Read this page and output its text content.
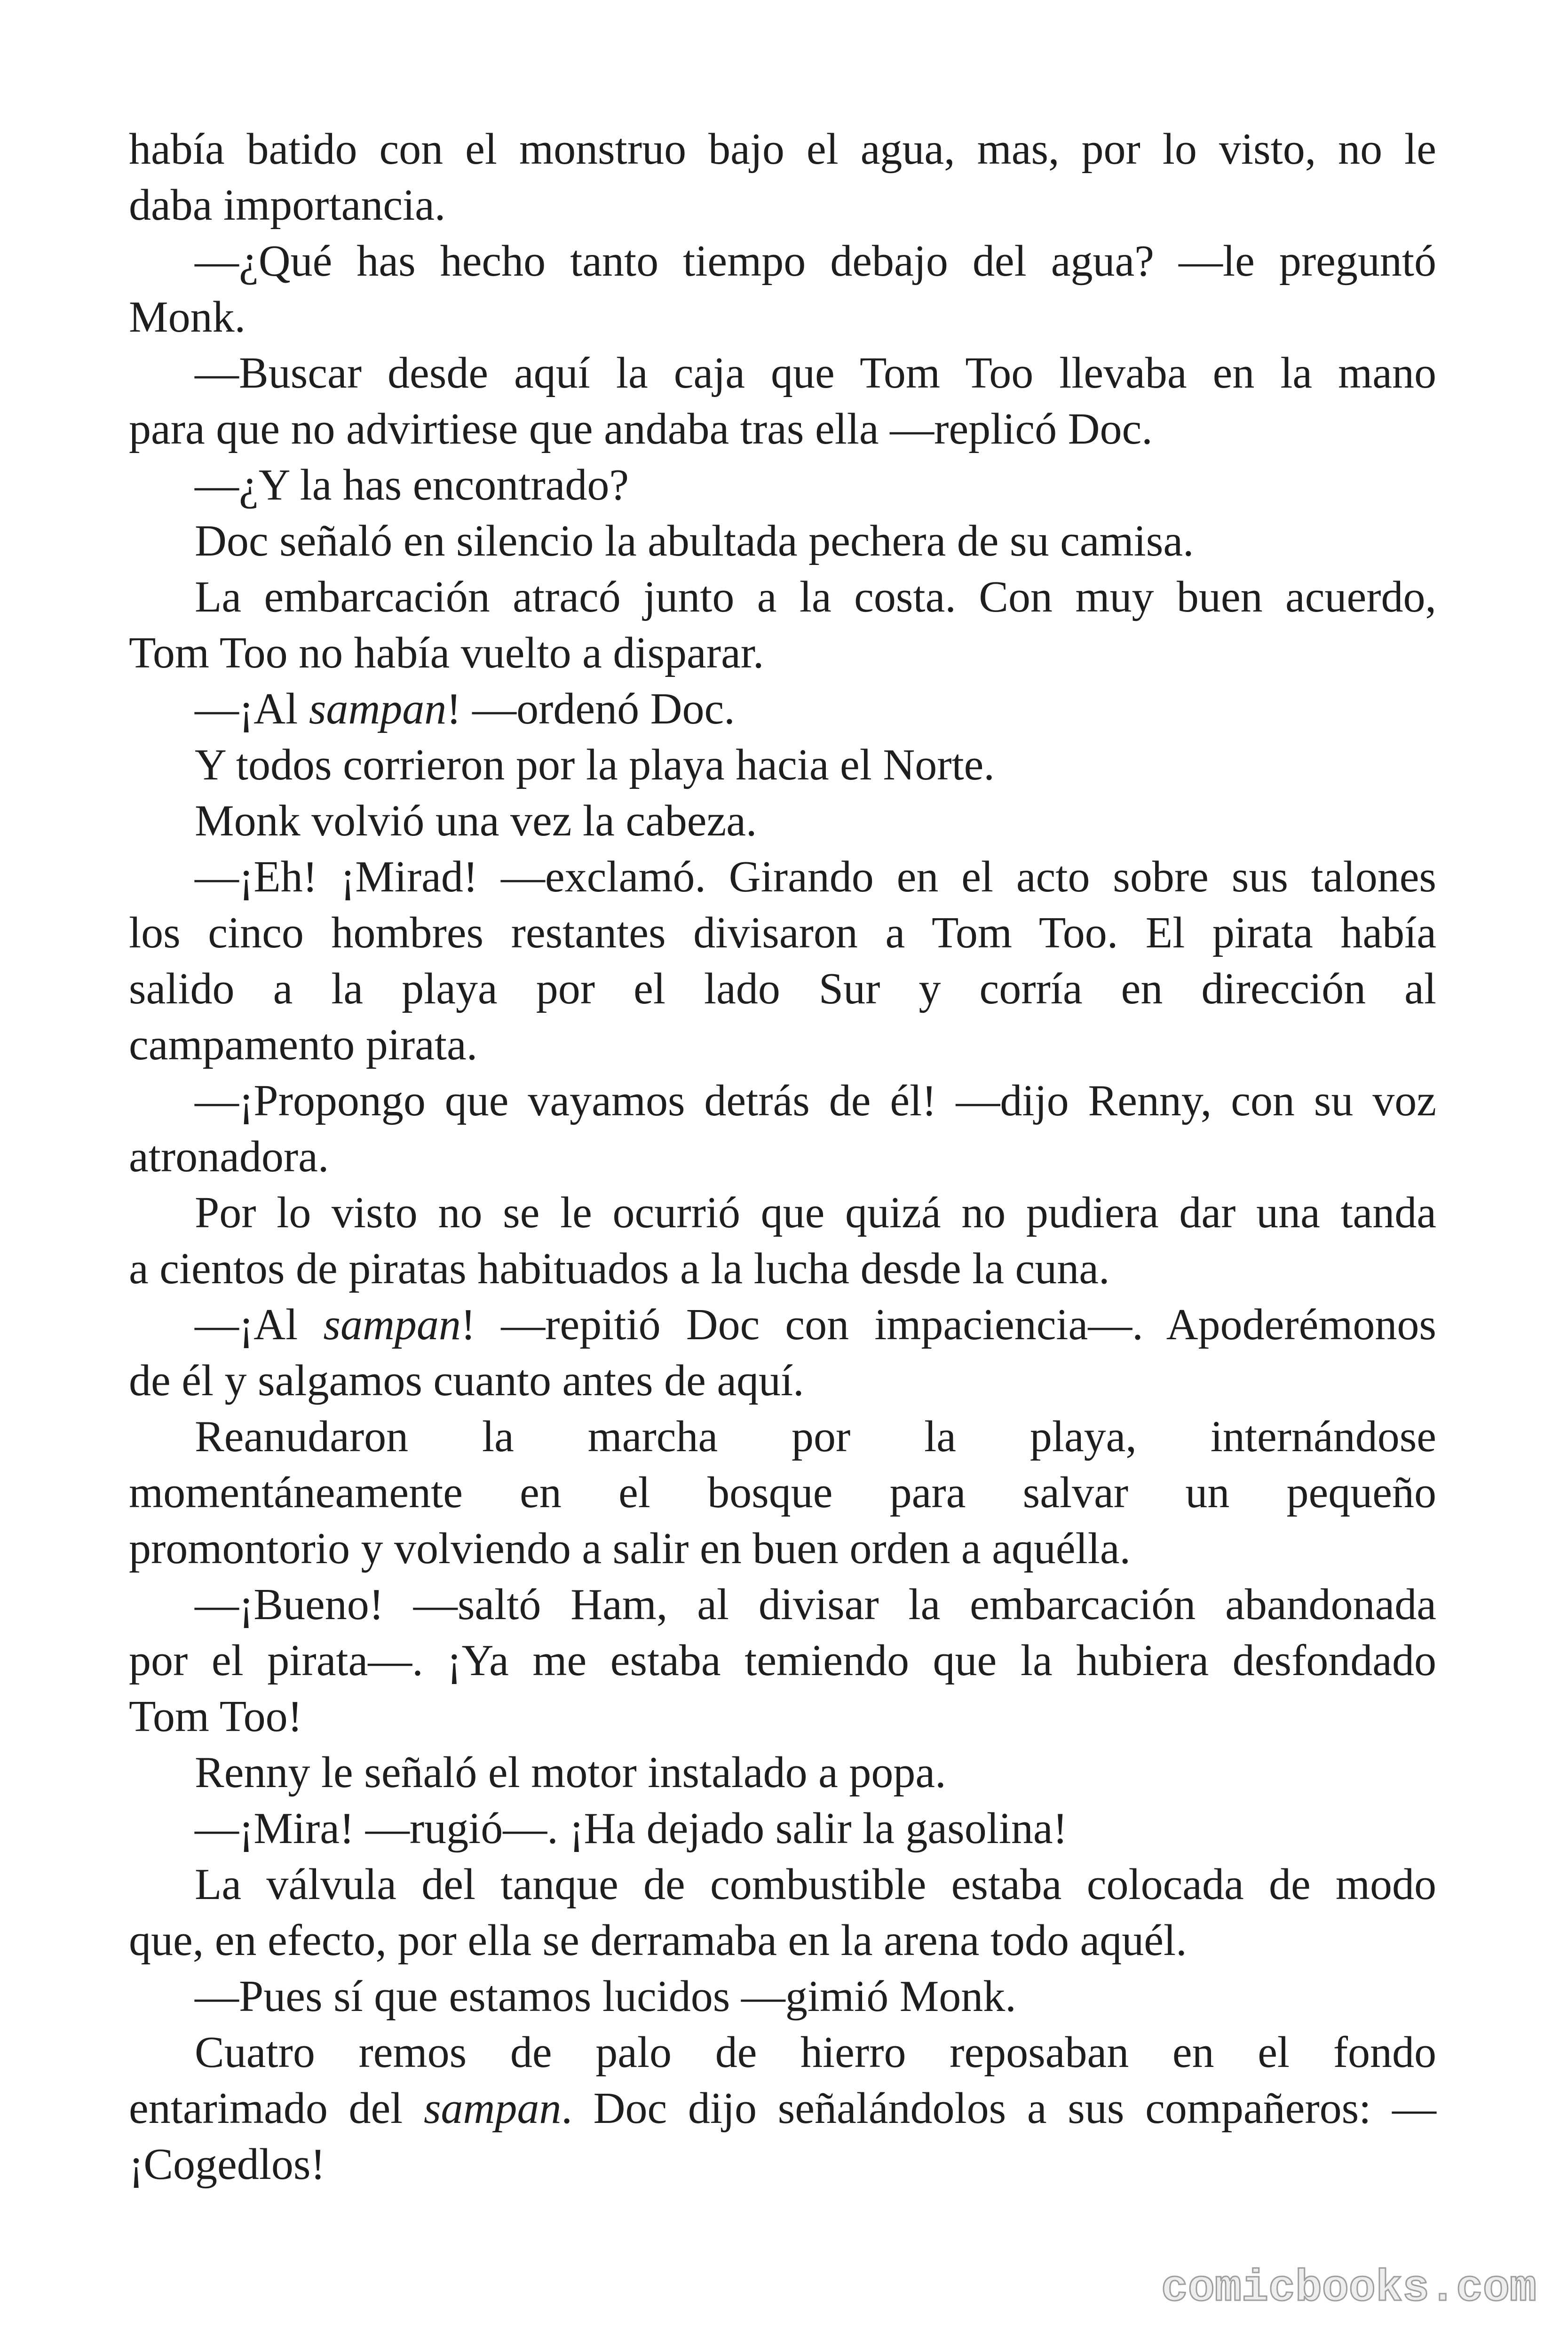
había batido con el monstruo bajo el agua, mas, por lo visto, no le
daba importancia.
—¿Qué has hecho tanto tiempo debajo del agua? —le preguntó
Monk.
—Buscar desde aquí la caja que Tom Too llevaba en la mano
para que no advirtiese que andaba tras ella —replicó Doc.
—¿Y la has encontrado?
Doc señaló en silencio la abultada pechera de su camisa.
La embarcación atracó junto a la costa. Con muy buen acuerdo,
Tom Too no había vuelto a disparar.
—¡Al sampan! —ordenó Doc.
Y todos corrieron por la playa hacia el Norte.
Monk volvió una vez la cabeza.
—¡Eh! ¡Mirad! —exclamó. Girando en el acto sobre sus talones
los cinco hombres restantes divisaron a Tom Too. El pirata había
salido a la playa por el lado Sur y corría en dirección al
campamento pirata.
—¡Propongo que vayamos detrás de él! —dijo Renny, con su voz
atronadora.
Por lo visto no se le ocurrió que quizá no pudiera dar una tanda
a cientos de piratas habituados a la lucha desde la cuna.
—¡Al sampan! —repitió Doc con impaciencia—. Apoderémonos
de él y salgamos cuanto antes de aquí.
Reanudaron la marcha por la playa, internándose
momentáneamente en el bosque para salvar un pequeño
promontorio y volviendo a salir en buen orden a aquélla.
—¡Bueno! —saltó Ham, al divisar la embarcación abandonada
por el pirata—. ¡Ya me estaba temiendo que la hubiera desfondado
Tom Too!
Renny le señaló el motor instalado a popa.
—¡Mira! —rugió—. ¡Ha dejado salir la gasolina!
La válvula del tanque de combustible estaba colocada de modo
que, en efecto, por ella se derramaba en la arena todo aquél.
—Pues sí que estamos lucidos —gimió Monk.
Cuatro remos de palo de hierro reposaban en el fondo
entarimado del sampan. Doc dijo señalándolos a sus compañeros: —
¡Cogedlos!
comicbooks.com
